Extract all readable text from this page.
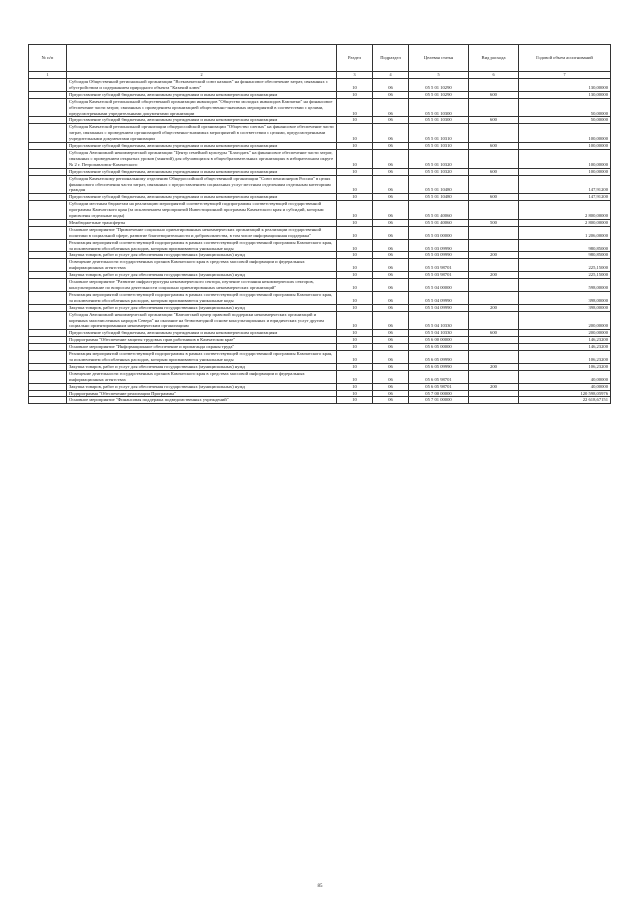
№ п/п		Раздел	Подраздел	Целевая статья	Вид расхода	Годовой объем ассигнований
1	2	3	4	5	6	7
	Субсидия Общественной региональной организации "Всекамчатский союз казаков" на финансовое обеспечение затрат, связанных с обустройством и содержанием природного объекта "Казачий ключ"	10	06	05 5 01 10290		130,00000
	Предоставление субсидий бюджетным, автономным учреждениям и иным некоммерческим организациям	10	06	05 5 01 10290	600	130,00000
	Субсидия Камчатской региональной общественной организации инвалидов "Общество молодых инвалидов Камчатки" на финансовое обеспечение части затрат, связанных с проведением организацией общественно-значимых мероприятий в соответствии с целями, предусмотренными учредительными документами организации	10	06	05 5 01 10300		50,00000
	Предоставление субсидий бюджетным, автономным учреждениям и иным некоммерческим организациям	10	06	05 5 01 10300	600	50,00000
	Субсидия Камчатской региональной организации общероссийской организации "Общество слепых" на финансовое обеспечение части затрат, связанных с проведением организацией общественно-значимых мероприятий в соответствии с целями, предусмотренными учредительными документами организации	10	06	05 5 01 10310		100,00000
	Предоставление субсидий бюджетным, автономным учреждениям и иным некоммерческим организациям	10	06	05 5 01 10310	600	100,00000
	Субсидия Автономной некоммерческой организации "Центр семейной культуры "Благодать" на финансовое обеспечение части затрат, связанных с проведением открытых уроков (занятий) для обучающихся в общеобразовательных организациях в избирательном округе № 2 г. Петропавловск-Камчатского	10	06	05 5 01 10320		100,00000
	Предоставление субсидий бюджетным, автономным учреждениям и иным некоммерческим организациям	10	06	05 5 01 10320	600	100,00000
	Субсидия Камчатскому региональному отделению Общероссийской общественной организации "Союз пенсионеров России" в целях финансового обеспечения части затрат, связанных с предоставлением социальных услуг местным отделениям отдельным категориям граждан	10	06	05 5 01 10480		147,91200
	Предоставление субсидий бюджетным, автономным учреждениям и иным некоммерческим организациям	10	06	05 5 01 10480	600	147,91200
	Субсидии местным бюджетам на реализацию мероприятий соответствующей подпрограммы соответствующей государственной программы Камчатского края (за исключением мероприятий Инвестиционной программы Камчатского края и субсидий, которым присвоены отдельные коды)	10	06	05 5 01 40060		2 800,00000
	Межбюджетные трансферты	10	06	05 5 01 40060	500	2 800,00000
	Основное мероприятие "Привлечение социально ориентированных некоммерческих организаций к реализации государственной политики в социальной сфере, развитие благотворительности и добровольчества, в том числе информационная поддержка"	10	06	05 5 03 00000		1 206,00000
	Реализация мероприятий соответствующей подпрограммы в рамках соответствующей государственной программы Камчатского края, за исключением обособленных расходов, которым присваиваются уникальные коды	10	06	05 5 03 09990		980,85000
	Закупка товаров, работ и услуг для обеспечения государственных (муниципальных) нужд	10	06	05 5 03 09990	200	980,85000
	Освещение деятельности государственных органов Камчатского края в средствах массовой информации и федеральных информационных агентствах	10	06	05 5 03 98701		225,15000
	Закупка товаров, работ и услуг для обеспечения государственных (муниципальных) нужд	10	06	05 5 03 98701	200	225,15000
	Основное мероприятие "Развитие инфраструктуры некоммерческого сектора, изучение состояния некоммерческих секторов, консультирование по вопросам деятельности социально ориентированных некоммерческих организаций"	10	06	05 5 04 00000		598,00000
	Реализация мероприятий соответствующей подпрограммы в рамках соответствующей государственной программы Камчатского края, за исключением обособленных расходов, которым присваиваются уникальные коды	10	06	05 5 04 09990		398,00000
	Закупка товаров, работ и услуг для обеспечения государственных (муниципальных) нужд	10	06	05 5 04 09990	200	398,00000
	Субсидия Автономной некоммерческой организации "Камчатский центр правовой поддержки некоммерческих организаций и коренных малочисленных народов Севера" на оказание на безвозмездной основе консультационных и юридических услуг другим социально ориентированным некоммерческим организациям	10	06	05 5 04 10330		200,00000
	Предоставление субсидий бюджетным, автономным учреждениям и иным некоммерческим организациям	10	06	05 5 04 10330	600	200,00000
	Подпрограмма "Обеспечение защиты трудовых прав работников в Камчатском крае"	10	06	05 6 00 00000		146,23200
	Основное мероприятие "Информационное обеспечение и пропаганда охраны труда"	10	06	05 6 05 00000		146,23200
	Реализация мероприятий соответствующей подпрограммы в рамках соответствующей государственной программы Камчатского края, за исключением обособленных расходов, которым присваиваются уникальные коды	10	06	05 6 05 09990		106,23200
	Закупка товаров, работ и услуг для обеспечения государственных (муниципальных) нужд	10	06	05 6 05 09990	200	106,23200
	Освещение деятельности государственных органов Камчатского края в средствах массовой информации и федеральных информационных агентствах	10	06	05 6 05 98701		40,00000
	Закупка товаров, работ и услуг для обеспечения государственных (муниципальных) нужд	10	06	05 6 05 98701	200	40,00000
	Подпрограмма "Обеспечение реализации Программы"	10	06	05 7 00 00000		120 598,05976
	Основное мероприятие "Финансовая поддержка подведомственных учреждений"	10	06	05 7 01 00000		22 618,67151
85
